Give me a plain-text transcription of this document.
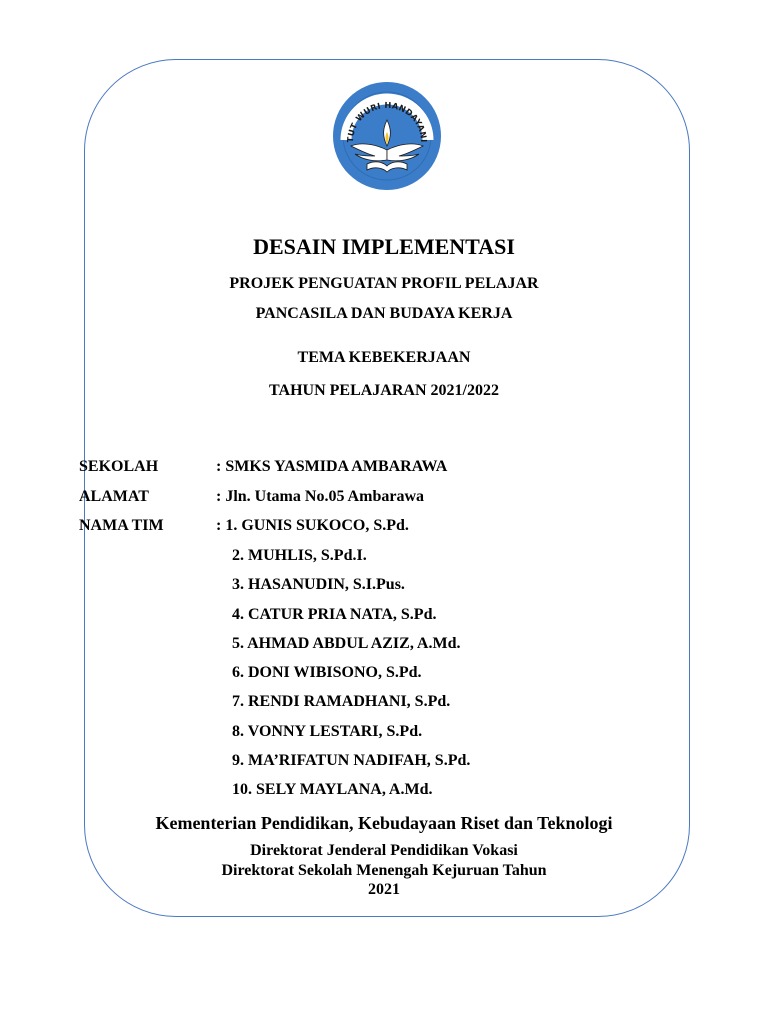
TUT WURI HANDAYANI
DESAIN IMPLEMENTASI
PROJEK PENGUATAN PROFIL PELAJAR
PANCASILA DAN BUDAYA KERJA
TEMA KEBEKERJAAN
TAHUN PELAJARAN 2021/2022
SEKOLAH	: SMKS YASMIDA AMBARAWA
ALAMAT	: Jln. Utama No.05 Ambarawa
NAMA TIM	: 1. GUNIS SUKOCO, S.Pd.
2. MUHLIS, S.Pd.I.
3. HASANUDIN, S.I.Pus.
4. CATUR PRIA NATA, S.Pd.
5. AHMAD ABDUL AZIZ, A.Md.
6. DONI WIBISONO, S.Pd.
7. RENDI RAMADHANI, S.Pd.
8. VONNY LESTARI, S.Pd.
9. MA’RIFATUN NADIFAH, S.Pd.
10. SELY MAYLANA, A.Md.
Kementerian Pendidikan, Kebudayaan Riset dan Teknologi
Direktorat Jenderal Pendidikan Vokasi
Direktorat Sekolah Menengah Kejuruan Tahun
2021
